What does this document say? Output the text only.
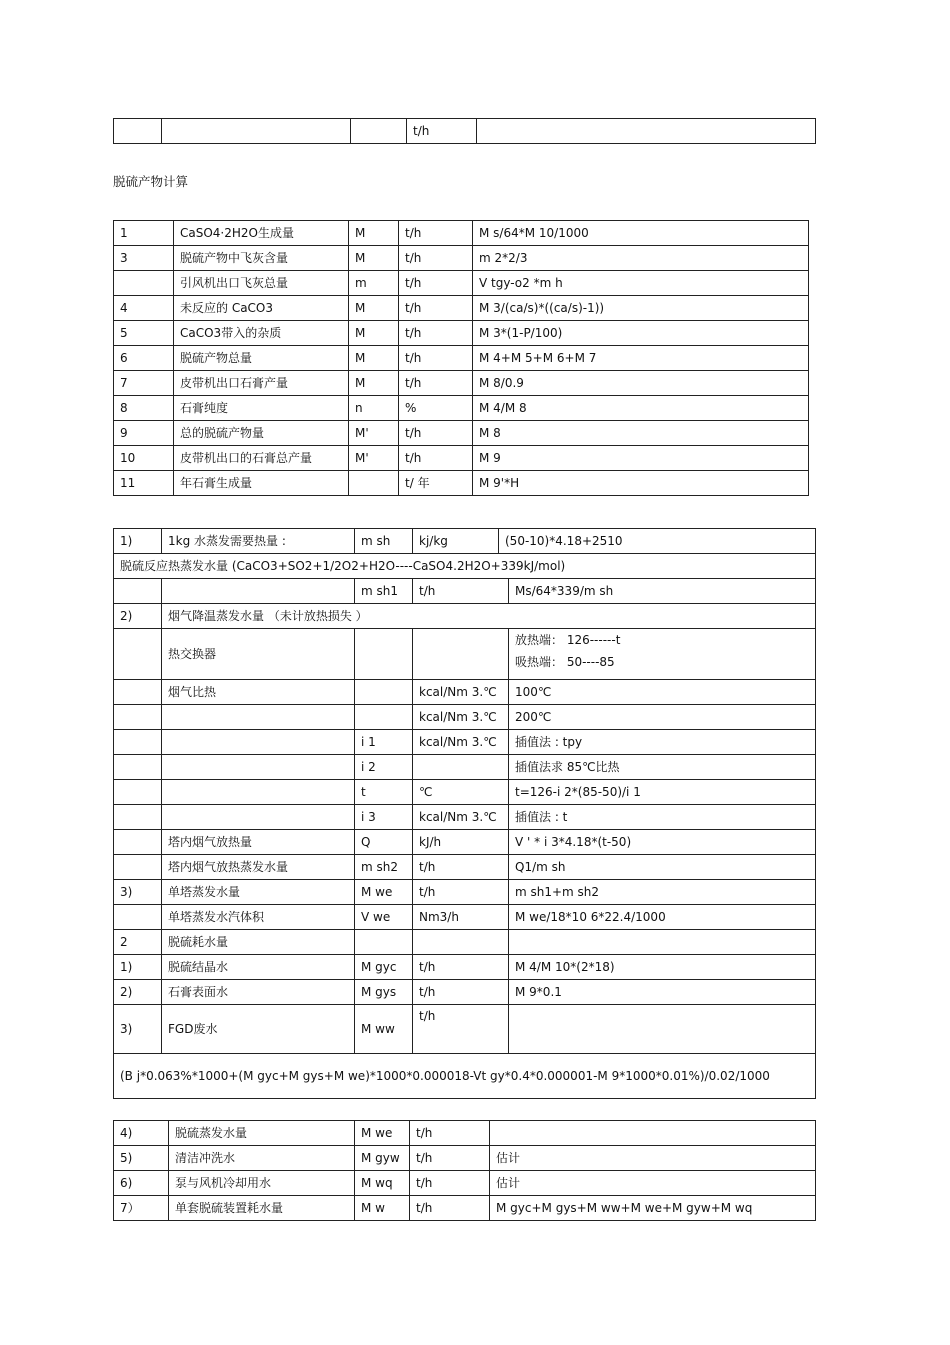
			t/h	
脱硫产物计算
1	CaSO4·2H2O生成量	M	t/h	M s/64*M 10/1000
3	脱硫产物中飞灰含量	M	t/h	m 2*2/3
	引风机出口飞灰总量	m	t/h	V tgy-o2 *m h
4	未反应的 CaCO3	M	t/h	M 3/(ca/s)*((ca/s)-1))
5	CaCO3带入的杂质	M	t/h	M 3*(1-P/100)
6	脱硫产物总量	M	t/h	M 4+M 5+M 6+M 7
7	皮带机出口石膏产量	M	t/h	M 8/0.9
8	石膏纯度	n	%	M 4/M 8
9	总的脱硫产物量	M'	t/h	M 8
10	皮带机出口的石膏总产量	M'	t/h	M 9
11	年石膏生成量		t/ 年	M 9'*H
1)	1kg 水蒸发需要热量 :	m sh	kj/kg	(50-10)*4.18+2510	
脱硫反应热蒸发水量 (CaCO3+SO2+1/2O2+H2O----CaSO4.2H2O+339kJ/mol)					
		m sh1	t/h		Ms/64*339/m sh
2)	烟气降温蒸发水量 （未计放热损失 ）				
	热交换器				放热端： 126------t
吸热端： 50----85

	烟气比热		kcal/Nm 3.℃		100℃
			kcal/Nm 3.℃		200℃
		i 1	kcal/Nm 3.℃		插值法 : tpy
		i 2			插值法求 85℃比热
		t	℃		t=126-i 2*(85-50)/i 1
		i 3	kcal/Nm 3.℃		插值法 : t
	塔内烟气放热量	Q	kJ/h		V ' * i 3*4.18*(t-50)
	塔内烟气放热蒸发水量	m sh2	t/h		Q1/m sh
3)	单塔蒸发水量	M we	t/h		m sh1+m sh2
	单塔蒸发水汽体积	V we	Nm3/h		M we/18*10 6*22.4/1000
2	脱硫耗水量				
1)	脱硫结晶水	M gyc	t/h		M 4/M 10*(2*18)
2)	石膏表面水	M gys	t/h		M 9*0.1
3)	FGD废水	M ww	t/h		
(B j*0.063%*1000+(M gyc+M gys+M we)*1000*0.000018-Vt gy*0.4*0.000001-M 9*1000*0.01%)/0.02/1000					
4)	脱硫蒸发水量	M we	t/h	
5)	清洁冲洗水	M gyw	t/h	估计
6)	泵与风机冷却用水	M wq	t/h	估计
7）	单套脱硫装置耗水量	M w	t/h	M gyc+M gys+M ww+M we+M gyw+M wq
